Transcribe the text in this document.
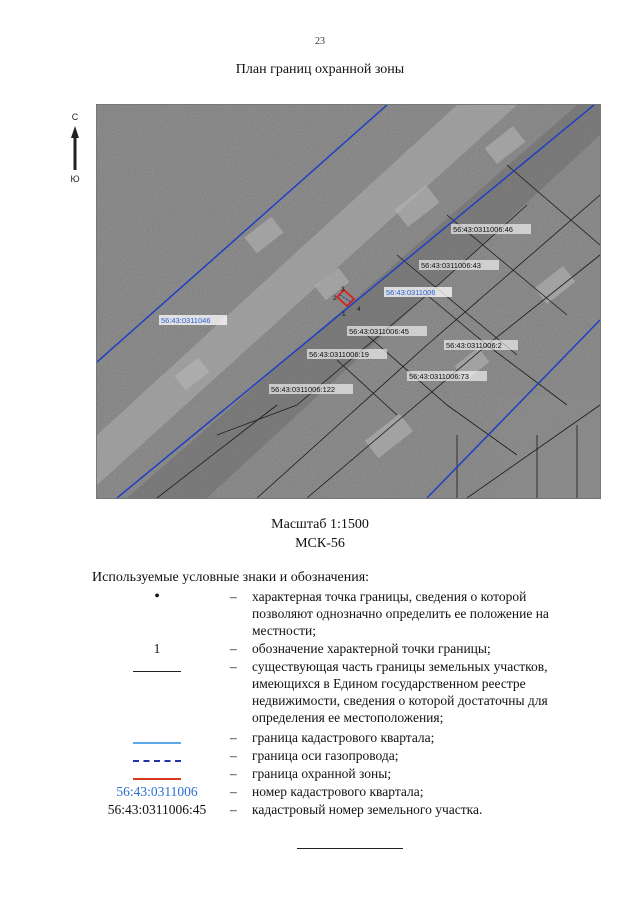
23
План границ охранной зоны
С
Ю
1
2
3
4
56:43:0311046
56:43:0311006
56:43:0311006:46
56:43:0311006:43
56:43:0311006:45
56:43:0311006:2
56:43:0311006:19
56:43:0311006:73
56:43:0311006:122
Масштаб 1:1500
МСК-56
Используемые условные знаки и обозначения:
•	– характерная точка границы, сведения о которой
позволяют однозначно определить ее положение на
местности;
1	– обозначение характерной точки границы;
– существующая часть границы земельных участков,
имеющихся в Едином государственном реестре
недвижимости, сведения о которой достаточны для
определения ее местоположения;
– граница кадастрового квартала;
– граница оси газопровода;
– граница охранной зоны;
56:43:0311006	– номер кадастрового квартала;
56:43:0311006:45	– кадастровый номер земельного участка.
